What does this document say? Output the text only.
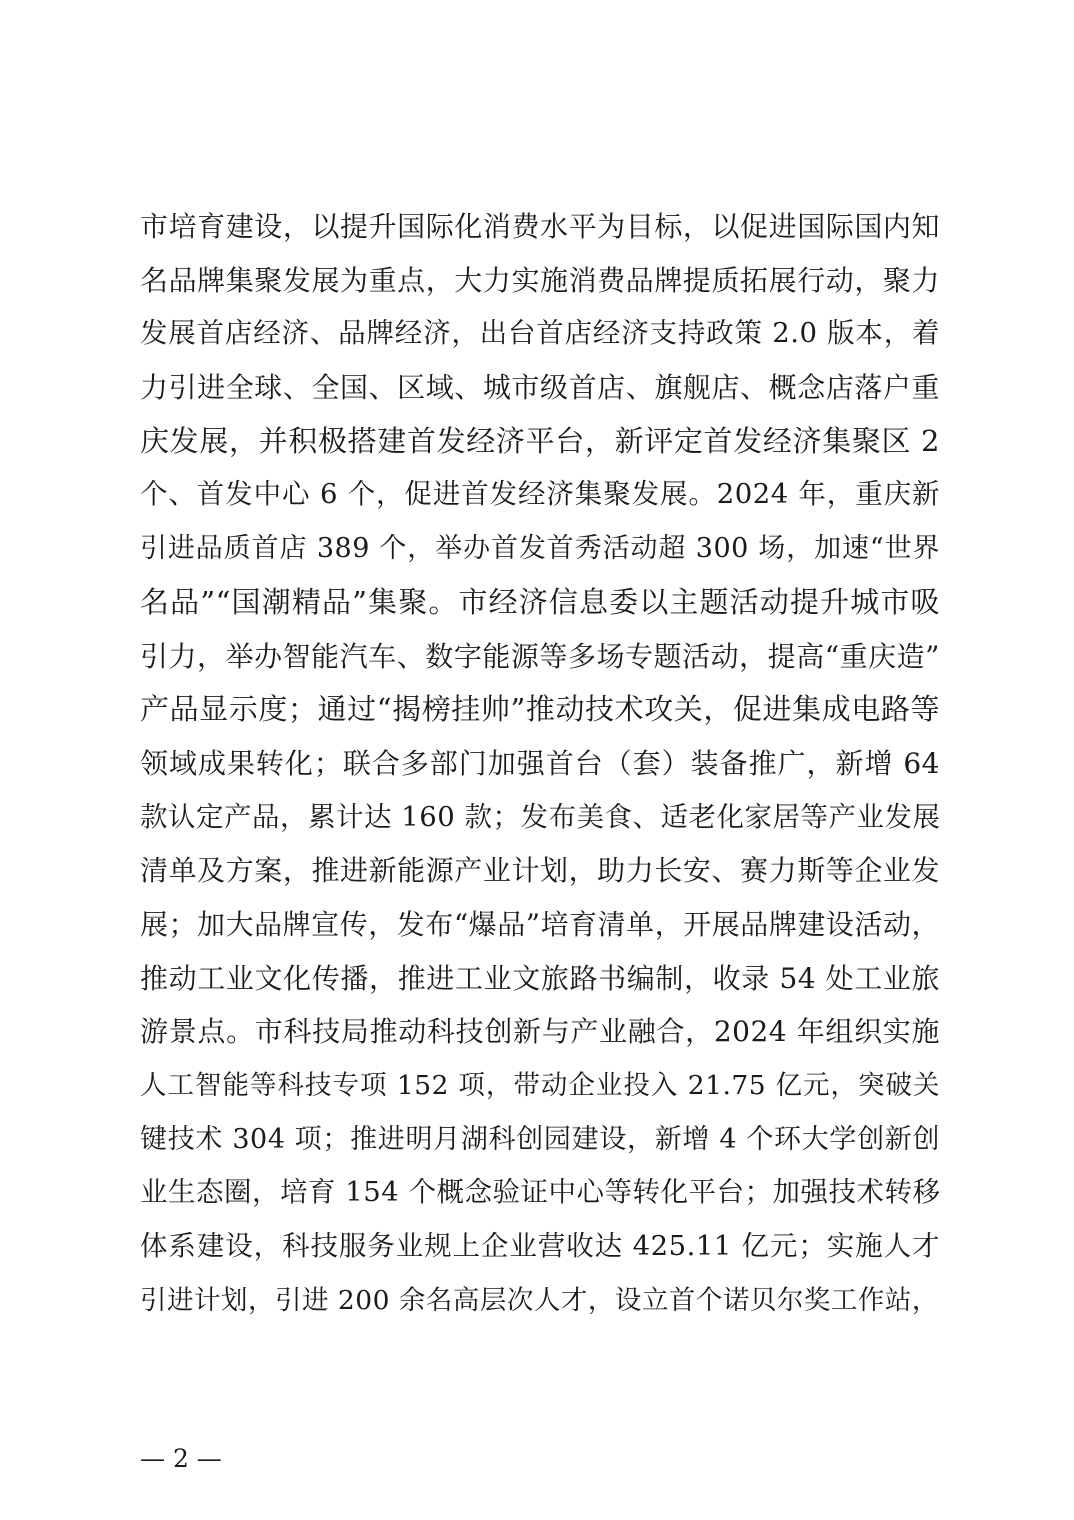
市培育建设，以提升国际化消费水平为目标，以促进国际国内知
名品牌集聚发展为重点，大力实施消费品牌提质拓展行动，聚力
发展首店经济、品牌经济，出台首店经济支持政策 2.0 版本，着
力引进全球、全国、区域、城市级首店、旗舰店、概念店落户重
庆发展，并积极搭建首发经济平台，新评定首发经济集聚区 2
个、首发中心 6 个，促进首发经济集聚发展。2024 年，重庆新
引进品质首店 389 个，举办首发首秀活动超 300 场，加速“世界
名品”“国潮精品”集聚。市经济信息委以主题活动提升城市吸
引力，举办智能汽车、数字能源等多场专题活动，提高“重庆造”
产品显示度；通过“揭榜挂帅”推动技术攻关，促进集成电路等
领域成果转化；联合多部门加强首台（套）装备推广，新增 64
款认定产品，累计达 160 款；发布美食、适老化家居等产业发展
清单及方案，推进新能源产业计划，助力长安、赛力斯等企业发
展；加大品牌宣传，发布“爆品”培育清单，开展品牌建设活动，
推动工业文化传播，推进工业文旅路书编制，收录 54 处工业旅
游景点。市科技局推动科技创新与产业融合，2024 年组织实施
人工智能等科技专项 152 项，带动企业投入 21.75 亿元，突破关
键技术 304 项；推进明月湖科创园建设，新增 4 个环大学创新创
业生态圈，培育 154 个概念验证中心等转化平台；加强技术转移
体系建设，科技服务业规上企业营收达 425.11 亿元；实施人才
引进计划，引进 200 余名高层次人才，设立首个诺贝尔奖工作站，
— 2 —
